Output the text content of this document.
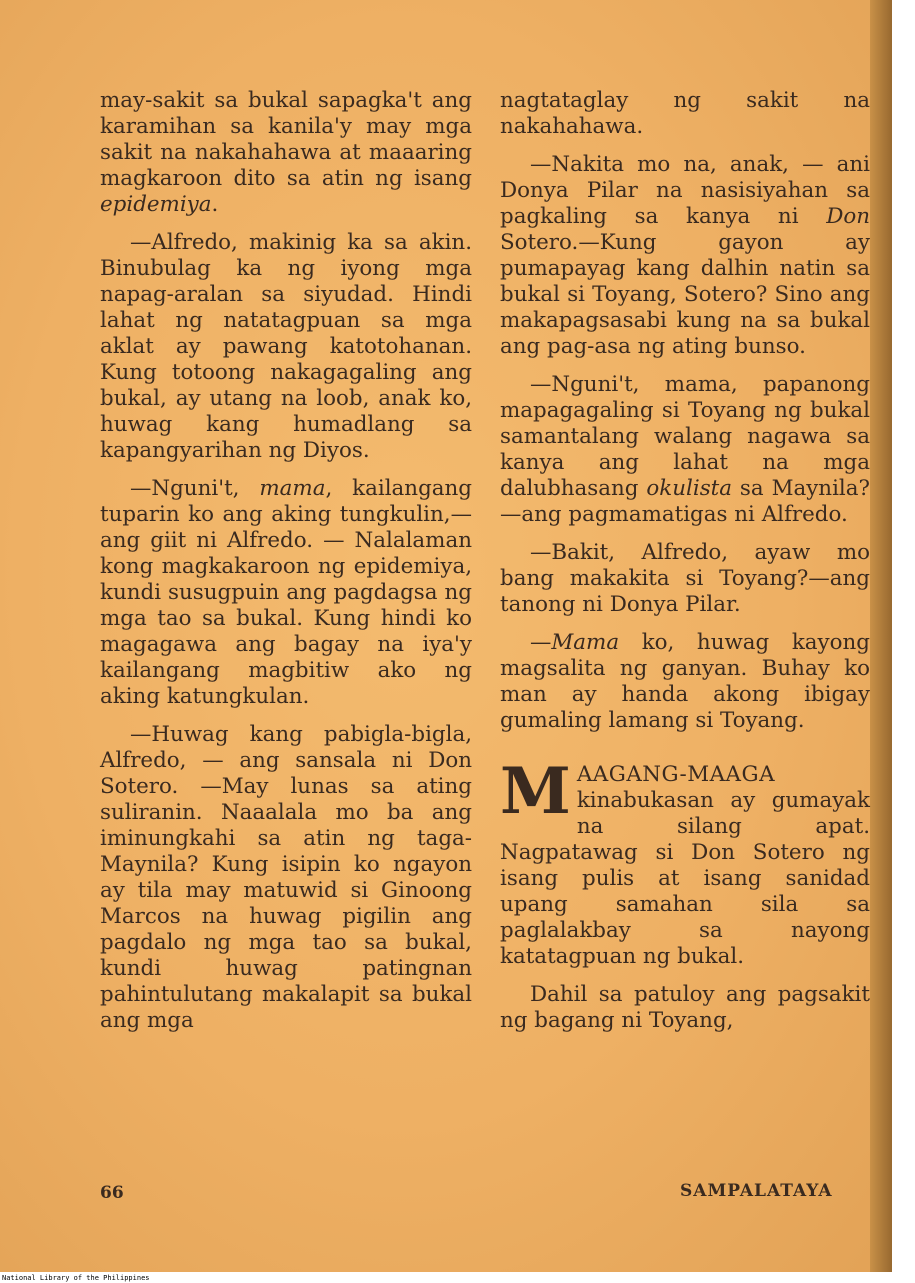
may-sakit sa bukal sapagka't ang karamihan sa kanila'y may mga sakit na nakahahawa at maaaring magkaroon dito sa atin ng isang epidemiya.

—Alfredo, makinig ka sa akin. Binubulag ka ng iyong mga napag-aralan sa siyudad. Hindi lahat ng natatagpuan sa mga aklat ay pawang katotohanan. Kung totoong nakagagaling ang bukal, ay utang na loob, anak ko, huwag kang humadlang sa kapangyarihan ng Diyos.

—Nguni't, mama, kailangang tuparin ko ang aking tungkulin,—ang giit ni Alfredo. — Nalalaman kong magkakaroon ng epidemiya, kundi susugpuin ang pagdagsa ng mga tao sa bukal. Kung hindi ko magagawa ang bagay na iya'y kailangang magbitiw ako ng aking katungkulan.

—Huwag kang pabigla-bigla, Alfredo, — ang sansala ni Don Sotero. —May lunas sa ating suliranin. Naaalala mo ba ang iminungkahi sa atin ng taga-Maynila? Kung isipin ko ngayon ay tila may matuwid si Ginoong Marcos na huwag pigilin ang pagdalo ng mga tao sa bukal, kundi huwag patingnan pahintulutang makalapit sa bukal ang mga

nagtataglay ng sakit na nakahahawa.

—Nakita mo na, anak, — ani Donya Pilar na nasisiyahan sa pagkaling sa kanya ni Don Sotero.—Kung gayon ay pumapayag kang dalhin natin sa bukal si Toyang, Sotero? Sino ang makapagsasabi kung na sa bukal ang pag-asa ng ating bunso.

—Nguni't, mama, papanong mapagagaling si Toyang ng bukal samantalang walang nagawa sa kanya ang lahat na mga dalubhasang okulista sa Maynila?—ang pagmamatigas ni Alfredo.

—Bakit, Alfredo, ayaw mo bang makakita si Toyang?—ang tanong ni Donya Pilar.

—Mama ko, huwag kayong magsalita ng ganyan. Buhay ko man ay handa akong ibigay gumaling lamang si Toyang.

MAAGANG-MAAGA kinabukasan ay gumayak na silang apat. Nagpatawag si Don Sotero ng isang pulis at isang sanidad upang samahan sila sa paglalakbay sa nayong katatagpuan ng bukal.

Dahil sa patuloy ang pagsakit ng bagang ni Toyang,

66	SAMPALATAYA
National Library of the Philippines
